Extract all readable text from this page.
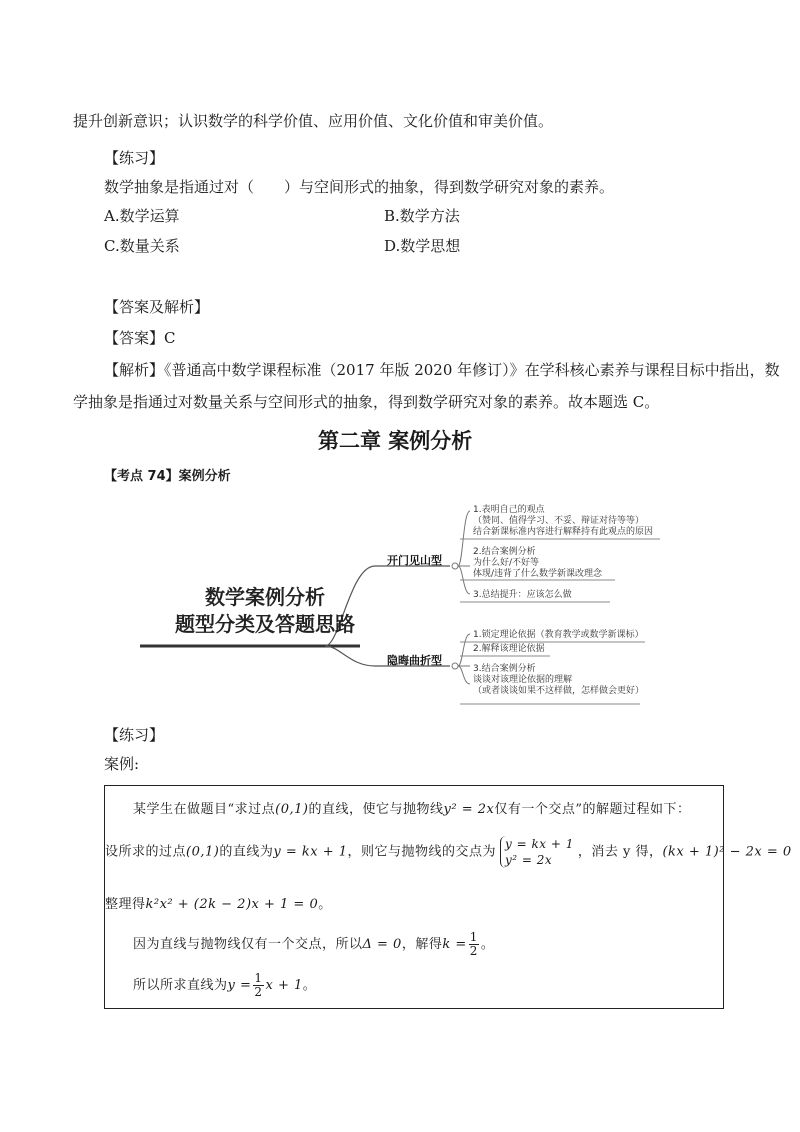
提升创新意识；认识数学的科学价值、应用价值、文化价值和审美价值。
【练习】
数学抽象是指通过对（　　）与空间形式的抽象，得到数学研究对象的素养。
A.数学运算	B.数学方法
C.数量关系	D.数学思想
【答案及解析】
【答案】C
【解析】《普通高中数学课程标准（2017 年版 2020 年修订）》在学科核心素养与课程目标中指出，数
学抽象是指通过对数量关系与空间形式的抽象，得到数学研究对象的素养。故本题选 C。
第二章 案例分析
【考点 74】案例分析
数学案例分析
题型分类及答题思路
开门见山型
隐晦曲折型
1.表明自己的观点
（赞同、值得学习、不妥、辩证对待等等）
结合新课标准内容进行解释持有此观点的原因
2.结合案例分析
为什么好/不好等
体现/违背了什么数学新课改理念
3.总结提升：应该怎么做
1.锁定理论依据（教育教学或数学新课标）
2.解释该理论依据
3.结合案例分析
谈谈对该理论依据的理解
（或者谈谈如果不这样做，怎样做会更好）
【练习】
案例:
某学生在做题目“求过点(0,1)的直线，使它与抛物线y² = 2x仅有一个交点”的解题过程如下：
设所求的过点(0,1)的直线为y = kx + 1，则它与抛物线的交点为
y = kx + 1
y² = 2x
，消去 y 得，(kx + 1)² − 2x = 0
整理得k²x² + (2k − 2)x + 1 = 0。
因为直线与抛物线仅有一个交点，所以Δ = 0，解得$k = \frac{1}{2}$ 。
所以所求直线为$y = \frac{1}{2}$ x + 1。
